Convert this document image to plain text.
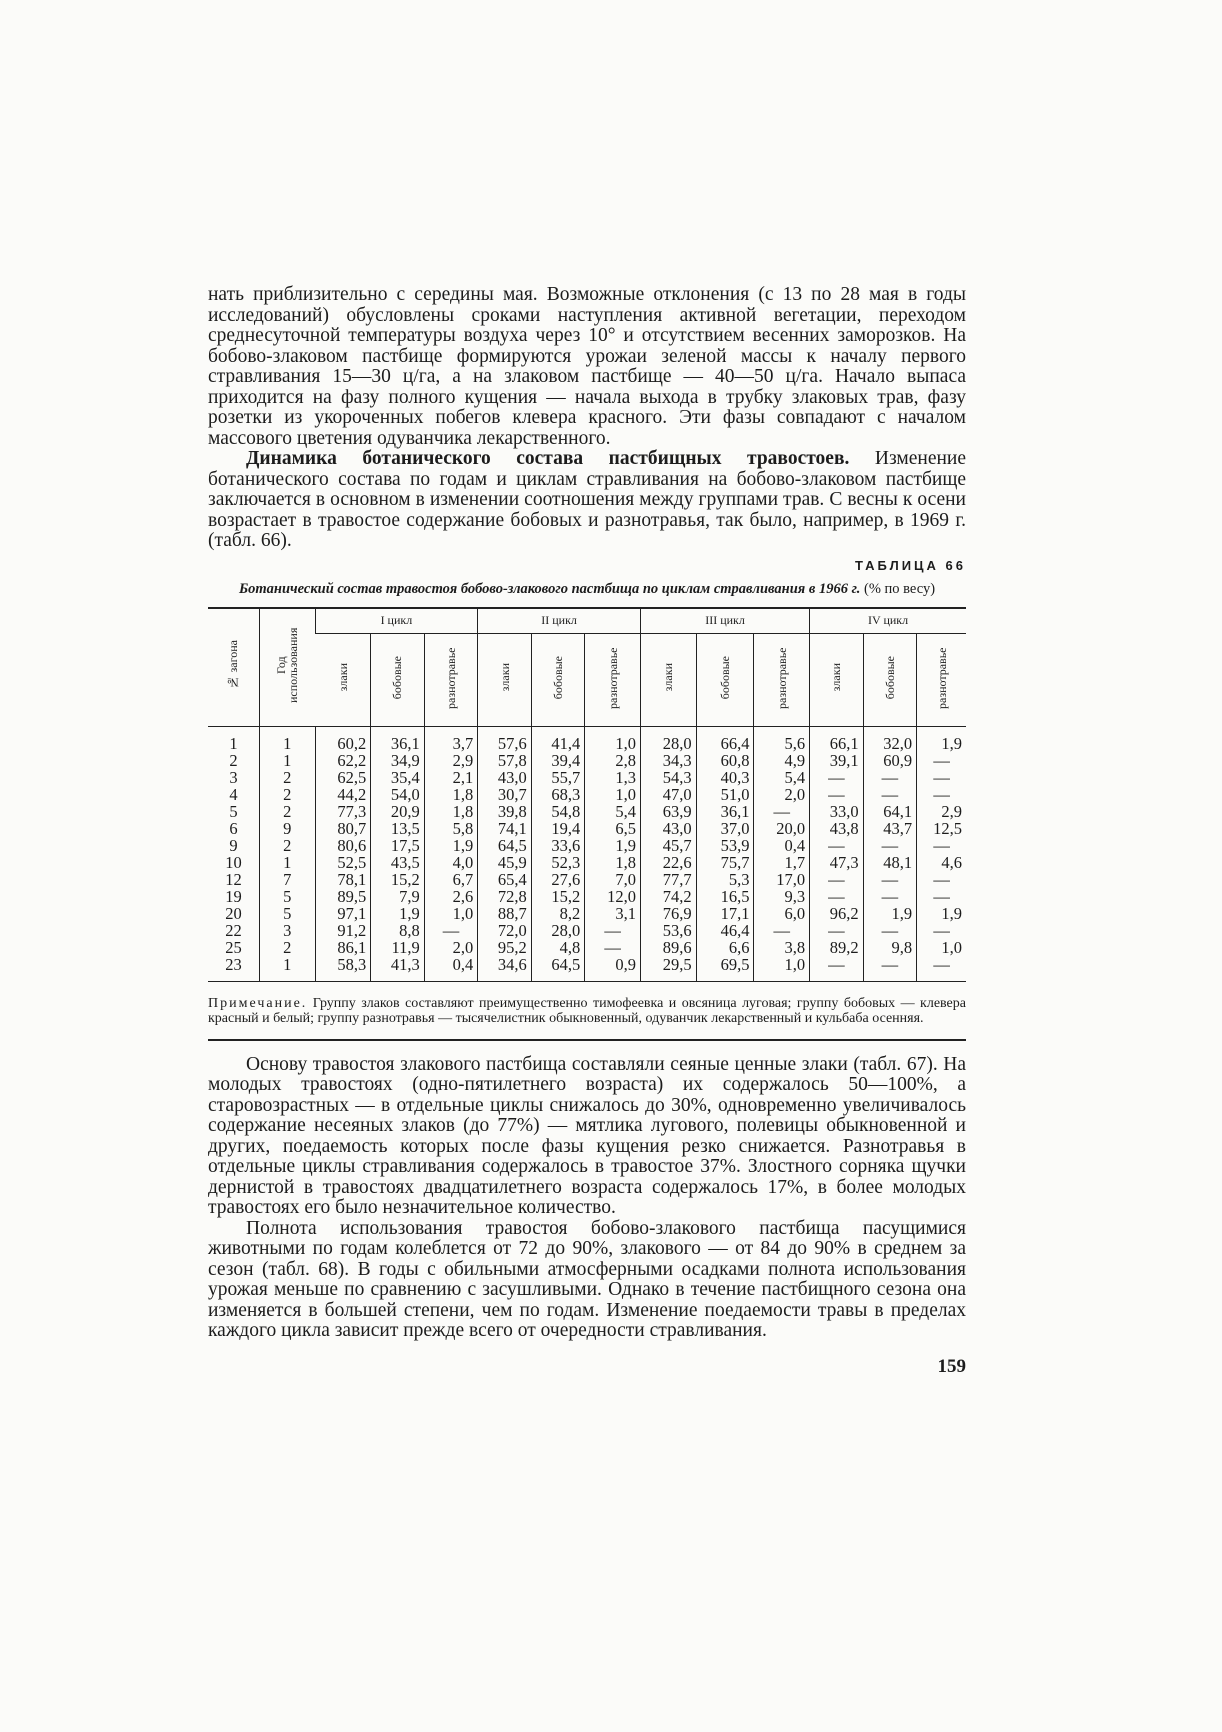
нать приблизительно с середины мая. Возможные отклонения (с 13 по 28 мая в годы исследований) обусловлены сроками наступления активной вегетации, переходом среднесуточной температуры воздуха через 10° и отсутствием весенних заморозков. На бобово-злаковом пастбище формируются урожаи зеленой массы к началу первого стравливания 15—30 ц/га, а на злаковом пастбище — 40—50 ц/га. Начало выпаса приходится на фазу полного кущения — начала выхода в трубку злаковых трав, фазу розетки из укороченных побегов клевера красного. Эти фазы совпадают с началом массового цветения одуванчика лекарственного.

Динамика ботанического состава пастбищных травостоев. Изменение ботанического состава по годам и циклам стравливания на бобово-злаковом пастбище заключается в основном в изменении соотношения между группами трав. С весны к осени возрастает в травостое содержание бобовых и разнотравья, так было, например, в 1969 г. (табл. 66).

ТАБЛИЦА 66
Ботанический состав травостоя бобово-злакового пастбища по циклам стравливания в 1966 г. (% по весу)
№ загона	Год использования	I цикл			II цикл			III цикл			IV цикл		
		злаки	бобовые	разнотравье	злаки	бобовые	разнотравье	злаки	бобовые	разнотравье	злаки	бобовые	разнотравье
1	1	60,2	36,1	3,7	57,6	41,4	1,0	28,0	66,4	5,6	66,1	32,0	1,9
2	1	62,2	34,9	2,9	57,8	39,4	2,8	34,3	60,8	4,9	39,1	60,9	—
3	2	62,5	35,4	2,1	43,0	55,7	1,3	54,3	40,3	5,4	—	—	—
4	2	44,2	54,0	1,8	30,7	68,3	1,0	47,0	51,0	2,0	—	—	—
5	2	77,3	20,9	1,8	39,8	54,8	5,4	63,9	36,1	—	33,0	64,1	2,9
6	9	80,7	13,5	5,8	74,1	19,4	6,5	43,0	37,0	20,0	43,8	43,7	12,5
9	2	80,6	17,5	1,9	64,5	33,6	1,9	45,7	53,9	0,4	—	—	—
10	1	52,5	43,5	4,0	45,9	52,3	1,8	22,6	75,7	1,7	47,3	48,1	4,6
12	7	78,1	15,2	6,7	65,4	27,6	7,0	77,7	5,3	17,0	—	—	—
19	5	89,5	7,9	2,6	72,8	15,2	12,0	74,2	16,5	9,3	—	—	—
20	5	97,1	1,9	1,0	88,7	8,2	3,1	76,9	17,1	6,0	96,2	1,9	1,9
22	3	91,2	8,8	—	72,0	28,0	—	53,6	46,4	—	—	—	—
25	2	86,1	11,9	2,0	95,2	4,8	—	89,6	6,6	3,8	89,2	9,8	1,0
23	1	58,3	41,3	0,4	34,6	64,5	0,9	29,5	69,5	1,0	—	—	—
Примечание. Группу злаков составляют преимущественно тимофеевка и овсяница луговая; группу бобовых — клевера красный и белый; группу разнотравья — тысячелистник обыкновенный, одуванчик лекарственный и кульбаба осенняя.

Основу травостоя злакового пастбища составляли сеяные ценные злаки (табл. 67). На молодых травостоях (одно-пятилетнего возраста) их содержалось 50—100%, а старовозрастных — в отдельные циклы снижалось до 30%, одновременно увеличивалось содержание несеяных злаков (до 77%) — мятлика лугового, полевицы обыкновенной и других, поедаемость которых после фазы кущения резко снижается. Разнотравья в отдельные циклы стравливания содержалось в травостое 37%. Злостного сорняка щучки дернистой в травостоях двадцатилетнего возраста содержалось 17%, в более молодых травостоях его было незначительное количество.

Полнота использования травостоя бобово-злакового пастбища пасущимися животными по годам колеблется от 72 до 90%, злакового — от 84 до 90% в среднем за сезон (табл. 68). В годы с обильными атмосферными осадками полнота использования урожая меньше по сравнению с засушливыми. Однако в течение пастбищного сезона она изменяется в большей степени, чем по годам. Изменение поедаемости травы в пределах каждого цикла зависит прежде всего от очередности стравливания.

159
